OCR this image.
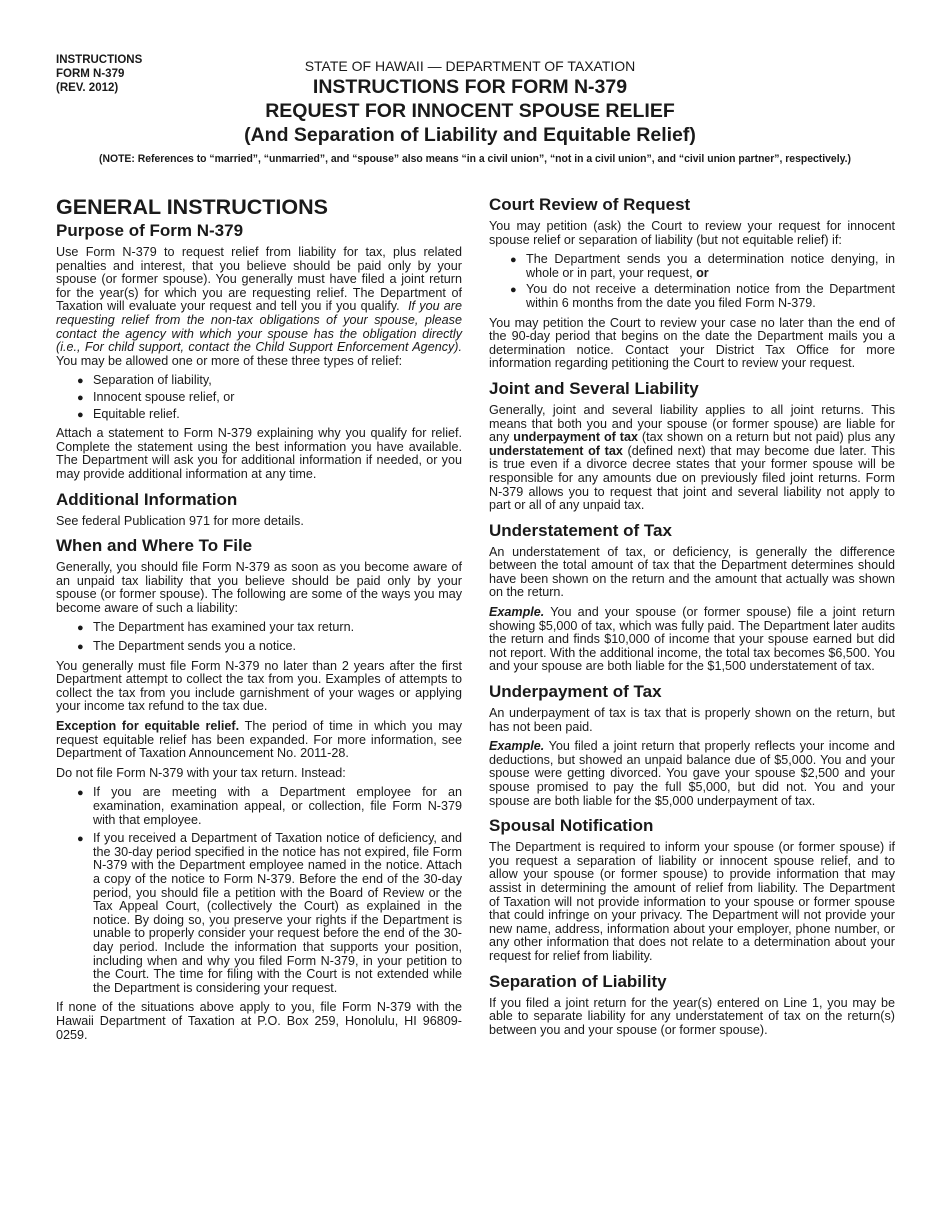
INSTRUCTIONS
FORM N-379
(REV. 2012)
STATE OF HAWAII — DEPARTMENT OF TAXATION
INSTRUCTIONS FOR FORM N-379
REQUEST FOR INNOCENT SPOUSE RELIEF
(And Separation of Liability and Equitable Relief)
(NOTE: References to “married”, “unmarried”, and “spouse” also means “in a civil union”, “not in a civil union”, and “civil union partner”, respectively.)
GENERAL INSTRUCTIONS
Purpose of Form N-379

Use Form N-379 to request relief from liability for tax, plus related penalties and interest, that you believe should be paid only by your spouse (or former spouse). You generally must have filed a joint return for the year(s) for which you are requesting relief. The Department of Taxation will evaluate your request and tell you if you qualify. If you are requesting relief from the non-tax obligations of your spouse, please contact the agency with which your spouse has the obligation directly (i.e., For child support, contact the Child Support Enforcement Agency). You may be allowed one or more of these three types of relief:

● Separation of liability,
● Innocent spouse relief, or
● Equitable relief.

Attach a statement to Form N-379 explaining why you qualify for relief. Complete the statement using the best information you have available. The Department will ask you for additional information if needed, or you may provide additional information at any time.

Additional Information

See federal Publication 971 for more details.

When and Where To File

Generally, you should file Form N-379 as soon as you become aware of an unpaid tax liability that you believe should be paid only by your spouse (or former spouse). The following are some of the ways you may become aware of such a liability:

● The Department has examined your tax return.
● The Department sends you a notice.

You generally must file Form N-379 no later than 2 years after the first Department attempt to collect the tax from you. Examples of attempts to collect the tax from you include garnishment of your wages or applying your income tax refund to the tax due.

Exception for equitable relief. The period of time in which you may request equitable relief has been expanded. For more information, see Department of Taxation Announcement No. 2011-28.

Do not file Form N-379 with your tax return. Instead:

● If you are meeting with a Department employee for an examination, examination appeal, or collection, file Form N-379 with that employee.
● If you received a Department of Taxation notice of deficiency, and the 30-day period specified in the notice has not expired, file Form N-379 with the Department employee named in the notice. Attach a copy of the notice to Form N-379. Before the end of the 30-day period, you should file a petition with the Board of Review or the Tax Appeal Court, (collectively the Court) as explained in the notice. By doing so, you preserve your rights if the Department is unable to properly consider your request before the end of the 30-day period. Include the information that supports your position, including when and why you filed Form N-379, in your petition to the Court. The time for filing with the Court is not extended while the Department is considering your request.

If none of the situations above apply to you, file Form N-379 with the Hawaii Department of Taxation at P.O. Box 259, Honolulu, HI 96809-0259.

Court Review of Request

You may petition (ask) the Court to review your request for innocent spouse relief or separation of liability (but not equitable relief) if:

● The Department sends you a determination notice denying, in whole or in part, your request, or
● You do not receive a determination notice from the Department within 6 months from the date you filed Form N-379.

You may petition the Court to review your case no later than the end of the 90-day period that begins on the date the Department mails you a determination notice. Contact your District Tax Office for more information regarding petitioning the Court to review your request.

Joint and Several Liability

Generally, joint and several liability applies to all joint returns. This means that both you and your spouse (or former spouse) are liable for any underpayment of tax (tax shown on a return but not paid) plus any understatement of tax (defined next) that may become due later. This is true even if a divorce decree states that your former spouse will be responsible for any amounts due on previously filed joint returns. Form N-379 allows you to request that joint and several liability not apply to part or all of any unpaid tax.

Understatement of Tax

An understatement of tax, or deficiency, is generally the difference between the total amount of tax that the Department determines should have been shown on the return and the amount that actually was shown on the return.

Example. You and your spouse (or former spouse) file a joint return showing $5,000 of tax, which was fully paid. The Department later audits the return and finds $10,000 of income that your spouse earned but did not report. With the additional income, the total tax becomes $6,500. You and your spouse are both liable for the $1,500 understatement of tax.

Underpayment of Tax

An underpayment of tax is tax that is properly shown on the return, but has not been paid.

Example. You filed a joint return that properly reflects your income and deductions, but showed an unpaid balance due of $5,000. You and your spouse were getting divorced. You gave your spouse $2,500 and your spouse promised to pay the full $5,000, but did not. You and your spouse are both liable for the $5,000 underpayment of tax.

Spousal Notification

The Department is required to inform your spouse (or former spouse) if you request a separation of liability or innocent spouse relief, and to allow your spouse (or former spouse) to provide information that may assist in determining the amount of relief from liability. The Department of Taxation will not provide information to your spouse or former spouse that could infringe on your privacy. The Department will not provide your new name, address, information about your employer, phone number, or any other information that does not relate to a determination about your request for relief from liability.

Separation of Liability

If you filed a joint return for the year(s) entered on Line 1, you may be able to separate liability for any understatement of tax on the return(s) between you and your spouse (or former spouse).
